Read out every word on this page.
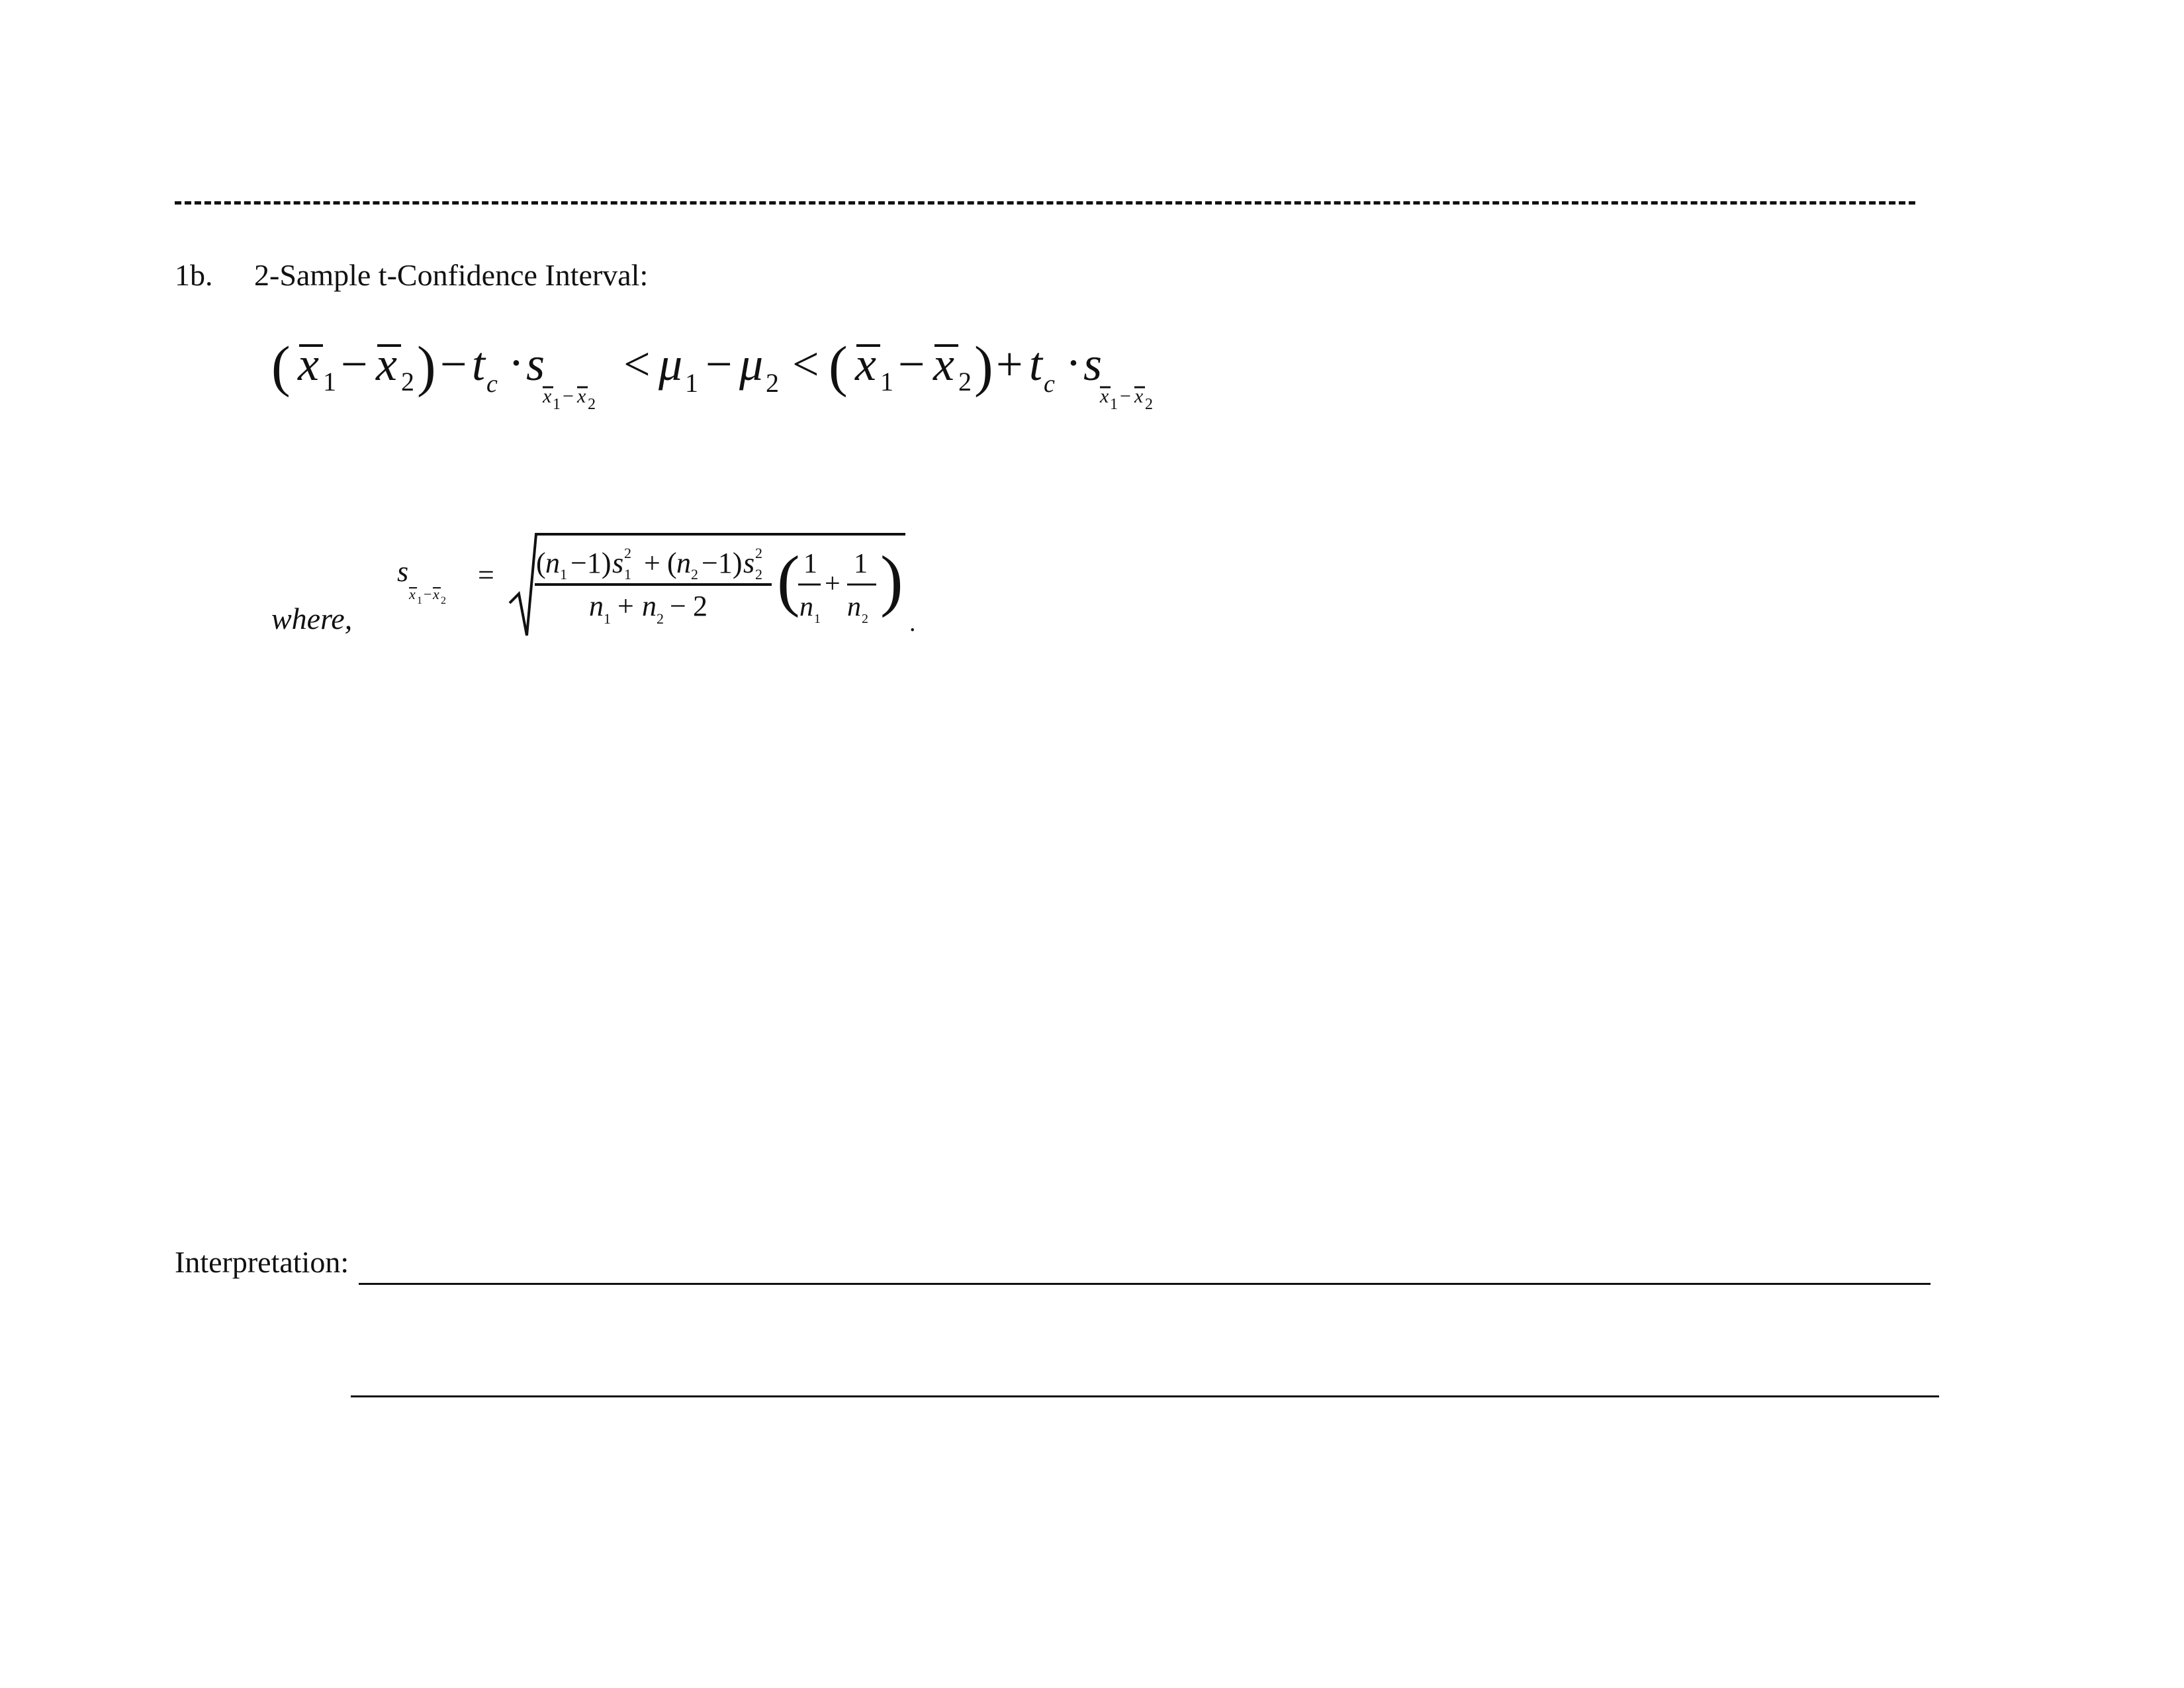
1b. 2-Sample t-Confidence Interval:
( x 1 − x 2 ) − t c · s
x 1 − x 2
< μ 1 − μ 2 < ( x 1 − x 2 ) + t c · s
x 1 − x 2
where,
s
x 1 − x 2
= ( n 1 −1) s 2
1 + ( n 2 −1) s 2
2
n 1 + n 2 − 2 ( 1
n 1
+
1
n 2
)
.
Interpretation:
